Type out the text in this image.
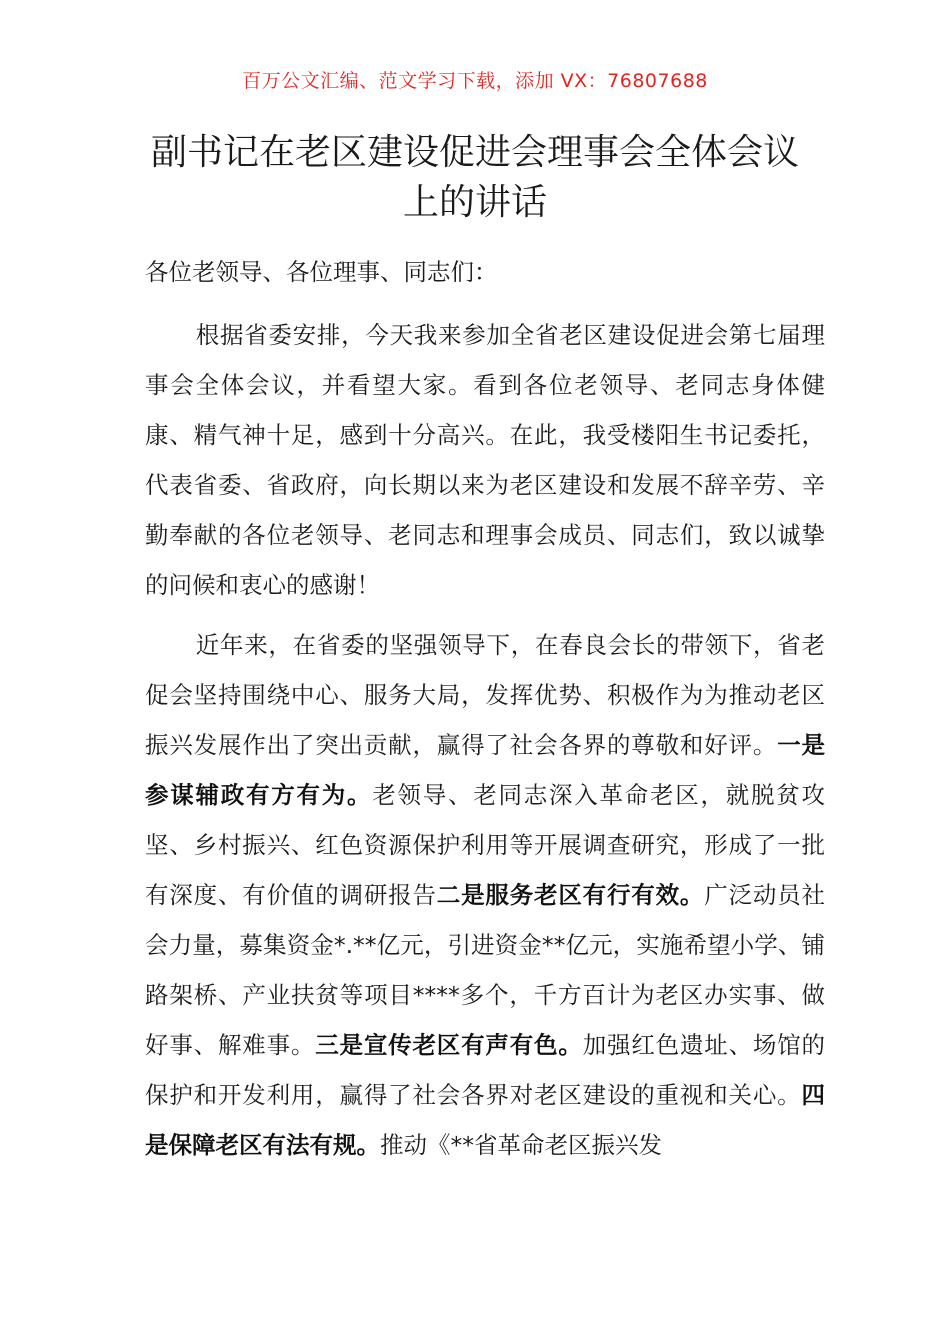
百万公文汇编、范文学习下载，添加 VX：76807688
副书记在老区建设促进会理事会全体会议
上的讲话
各位老领导、各位理事、同志们：
根据省委安排，今天我来参加全省老区建设促进会第七届理事会全体会议，并看望大家。看到各位老领导、老同志身体健康、精气神十足，感到十分高兴。在此，我受楼阳生书记委托，代表省委、省政府，向长期以来为老区建设和发展不辞辛劳、辛勤奉献的各位老领导、老同志和理事会成员、同志们，致以诚挚的问候和衷心的感谢！
近年来，在省委的坚强领导下，在春良会长的带领下，省老促会坚持围绕中心、服务大局，发挥优势、积极作为为推动老区振兴发展作出了突出贡献，赢得了社会各界的尊敬和好评。一是参谋辅政有方有为。老领导、老同志深入革命老区，就脱贫攻坚、乡村振兴、红色资源保护利用等开展调查研究，形成了一批有深度、有价值的调研报告二是服务老区有行有效。广泛动员社会力量，募集资金*.**亿元，引进资金**亿元，实施希望小学、铺路架桥、产业扶贫等项目****多个，千方百计为老区办实事、做好事、解难事。三是宣传老区有声有色。加强红色遗址、场馆的保护和开发利用，赢得了社会各界对老区建设的重视和关心。四是保障老区有法有规。推动《**省革命老区振兴发
